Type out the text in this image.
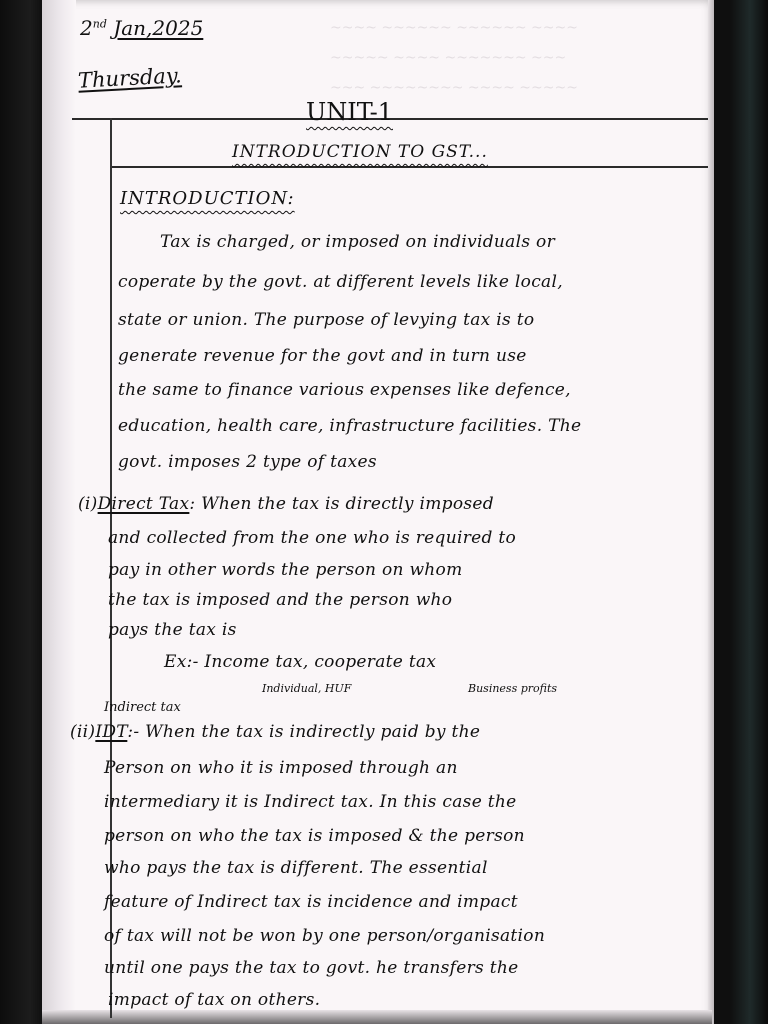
~~~~ ~~~~~~ ~~~~~~ ~~~~
~~~~~ ~~~~ ~~~~~~~ ~~~
~~~ ~~~~~~~~ ~~~~ ~~~~~
2nd Jan,2025
Thursday.
UNIT-1
INTRODUCTION TO GST...
INTRODUCTION:
Tax is charged, or imposed on individuals or
coperate by the govt. at different levels like local,
state or union. The purpose of levying tax is to
generate revenue for the govt and in turn use
the same to finance various expenses like defence,
education, health care, infrastructure facilities. The
govt. imposes 2 type of taxes
(i)Direct Tax: When the tax is directly imposed
and collected from the one who is required to
pay in other words the person on whom
the tax is imposed and the person who
pays the tax is
Ex:- Income tax, cooperate tax
Individual, HUF	Business profits
Indirect tax
(ii)IDT:- When the tax is indirectly paid by the
Person on who it is imposed through an
intermediary it is Indirect tax. In this case the
person on who the tax is imposed & the person
who pays the tax is different. The essential
feature of Indirect tax is incidence and impact
of tax will not be won by one person/organisation
until one pays the tax to govt. he transfers the
impact of tax on others.
